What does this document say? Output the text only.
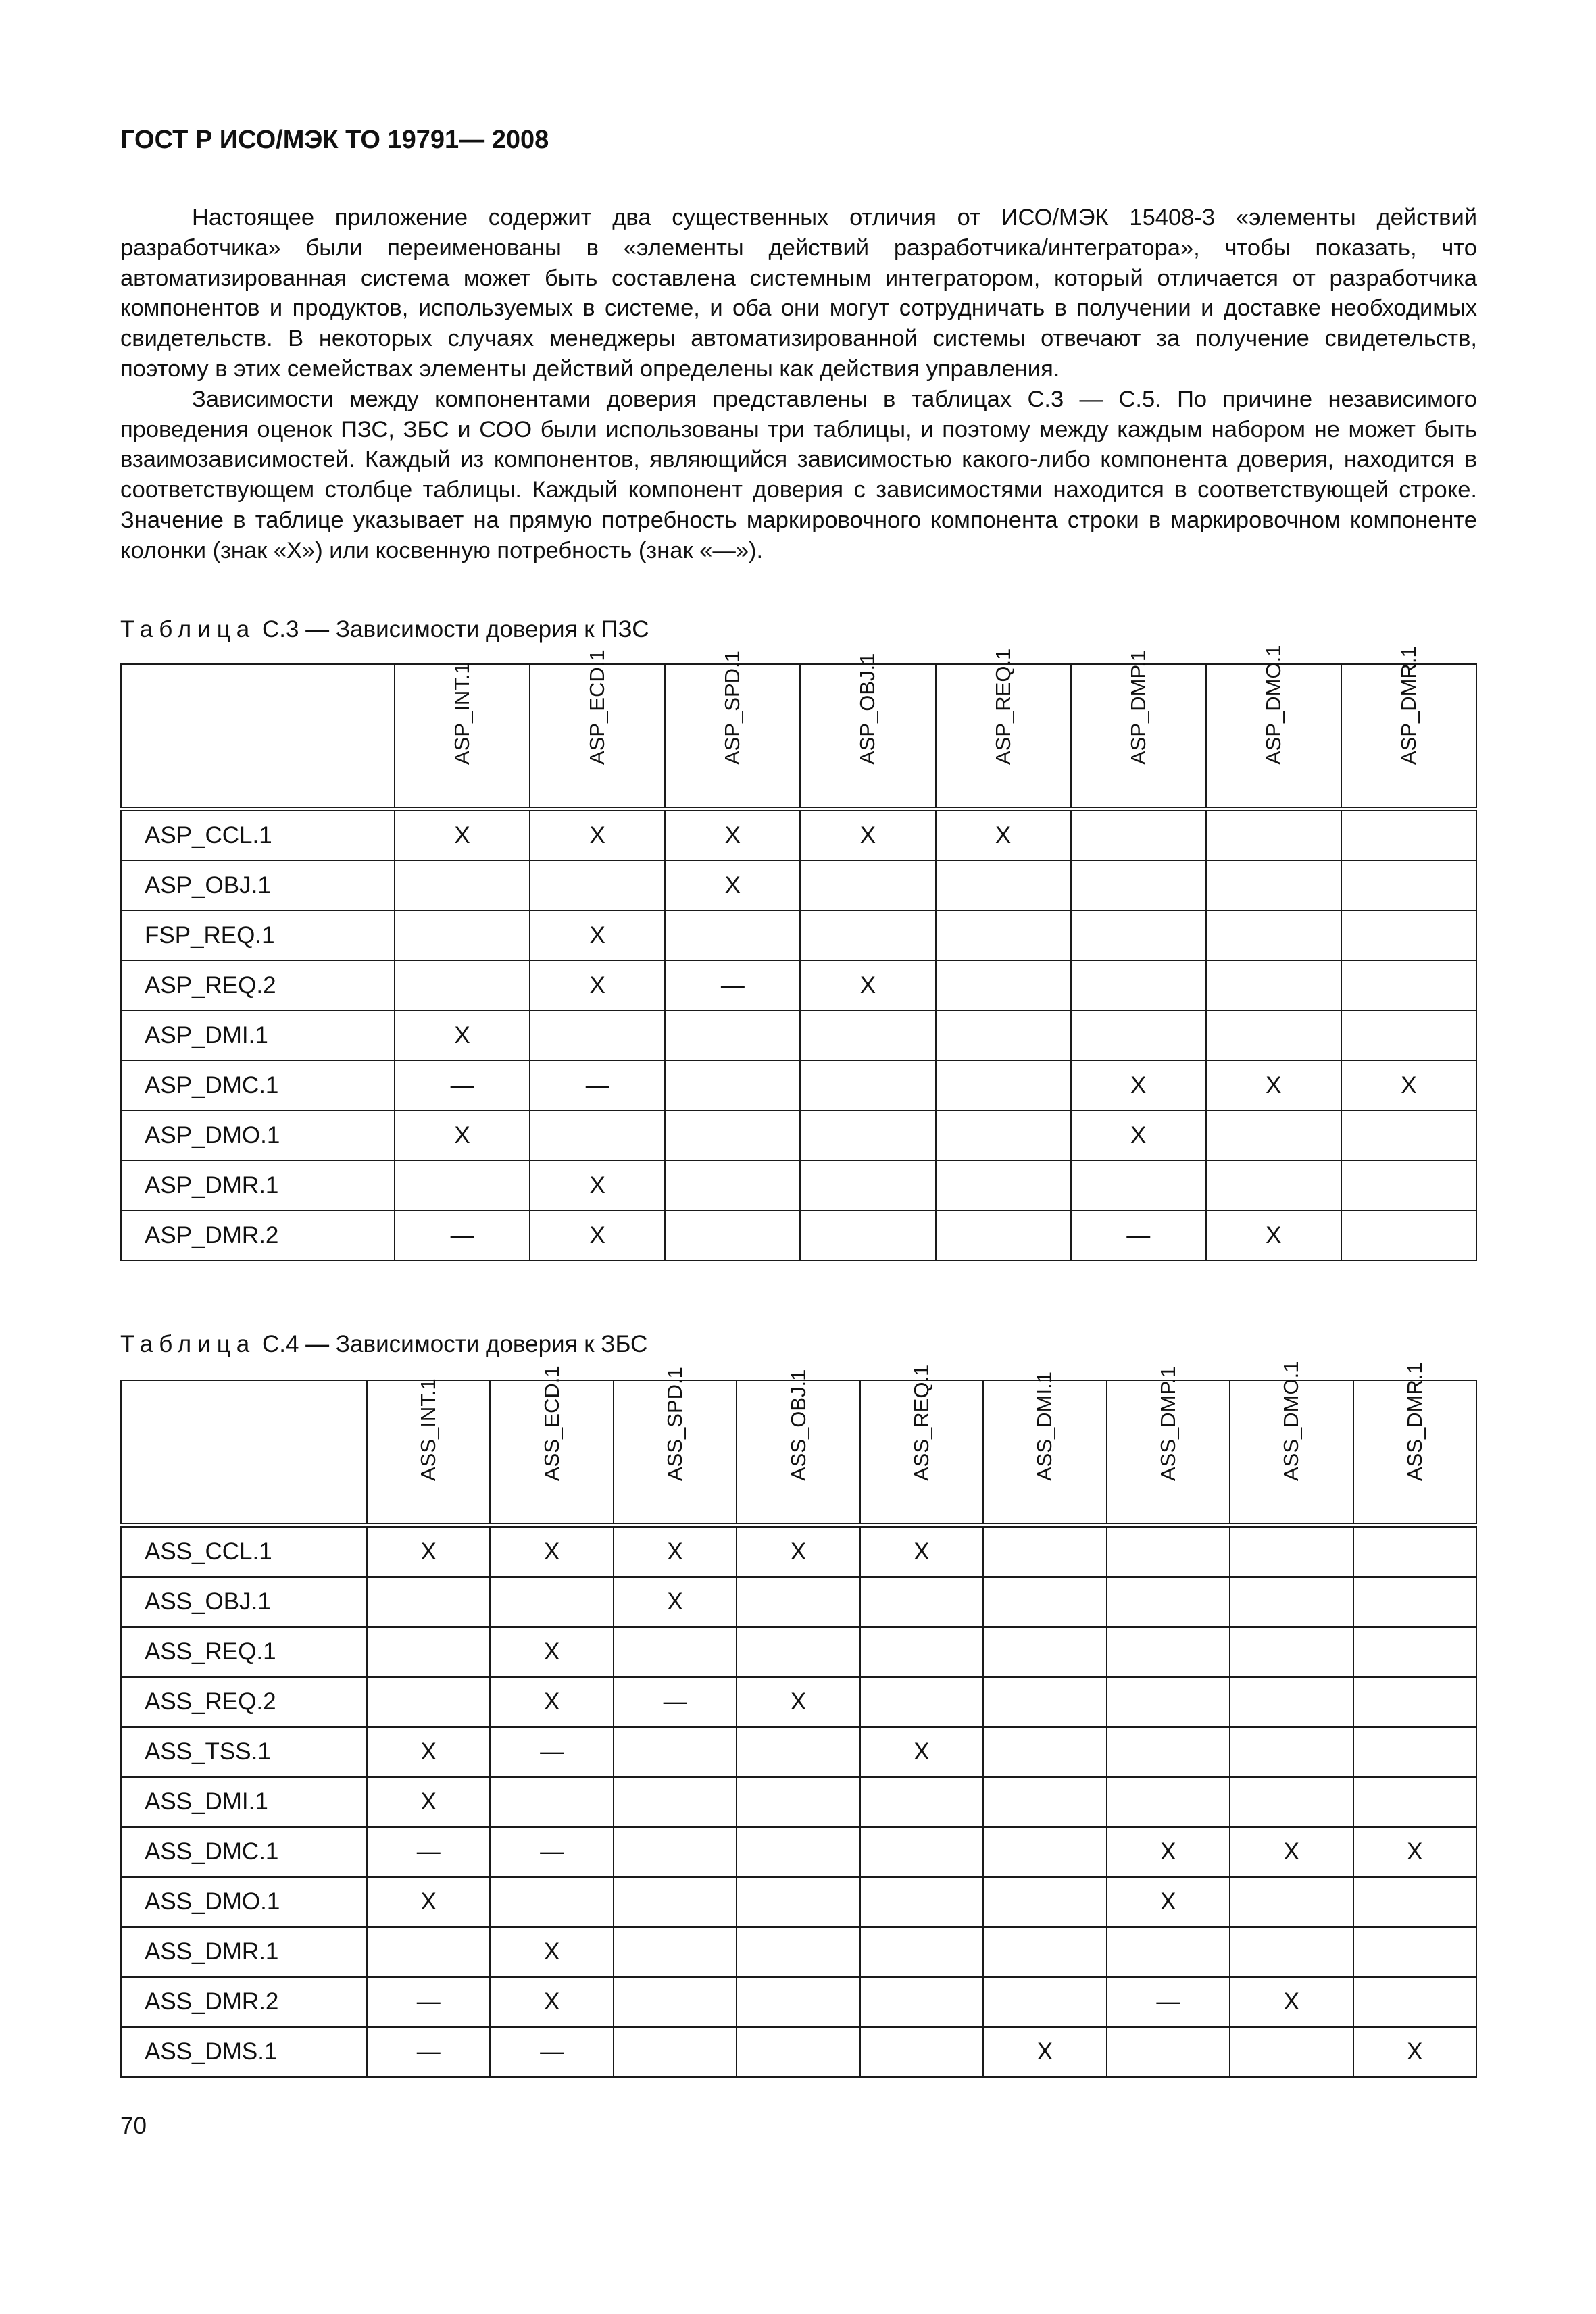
ГОСТ Р ИСО/МЭК ТО 19791— 2008

Настоящее приложение содержит два существенных отличия от ИСО/МЭК 15408-3 «элементы действий разработчика» были переименованы в «элементы действий разработчика/интегратора», чтобы показать, что автоматизированная система может быть составлена системным интегратором, который отличается от разработчика компонентов и продуктов, используемых в системе, и оба они могут сотрудничать в получении и доставке необходимых свидетельств. В некоторых случаях менеджеры автоматизированной системы отвечают за получение свидетельств, поэтому в этих семействах элементы действий определены как действия управления.

Зависимости между компонентами доверия представлены в таблицах С.3 — С.5. По причине независимого проведения оценок ПЗС, ЗБС и СОО были использованы три таблицы, и поэтому между каждым набором не может быть взаимозависимостей. Каждый из компонентов, являющийся зависимостью какого-либо компонента доверия, находится в соответствующем столбце таблицы. Каждый компонент доверия с зависимостями находится в соответствующей строке. Значение в таблице указывает на прямую потребность маркировочного компонента строки в маркировочном компоненте колонки (знак «X») или косвенную потребность (знак «—»).

Таблица С.3 — Зависимости доверия к ПЗС

	ASP_INT.1	ASP_ECD.1	ASP_SPD.1	ASP_OBJ.1	ASP_REQ.1	ASP_DMP.1	ASP_DMO.1	ASP_DMR.1

ASP_CCL.1	X	X	X	X	X			
ASP_OBJ.1			X					
FSP_REQ.1		X						
ASP_REQ.2		X	—	X				
ASP_DMI.1	X							
ASP_DMC.1	—	—				X	X	X
ASP_DMO.1	X					X		
ASP_DMR.1		X						
ASP_DMR.2	—	X				—	X	
Таблица С.4 — Зависимости доверия к ЗБС

	ASS_INT.1	ASS_ECD.1	ASS_SPD.1	ASS_OBJ.1	ASS_REQ.1	ASS_DMI.1	ASS_DMP.1	ASS_DMO.1	ASS_DMR.1

ASS_CCL.1	X	X	X	X	X				
ASS_OBJ.1			X						
ASS_REQ.1		X							
ASS_REQ.2		X	—	X					
ASS_TSS.1	X	—			X				
ASS_DMI.1	X								
ASS_DMC.1	—	—					X	X	X
ASS_DMO.1	X						X		
ASS_DMR.1		X							
ASS_DMR.2	—	X					—	X	
ASS_DMS.1	—	—				X			X
70
